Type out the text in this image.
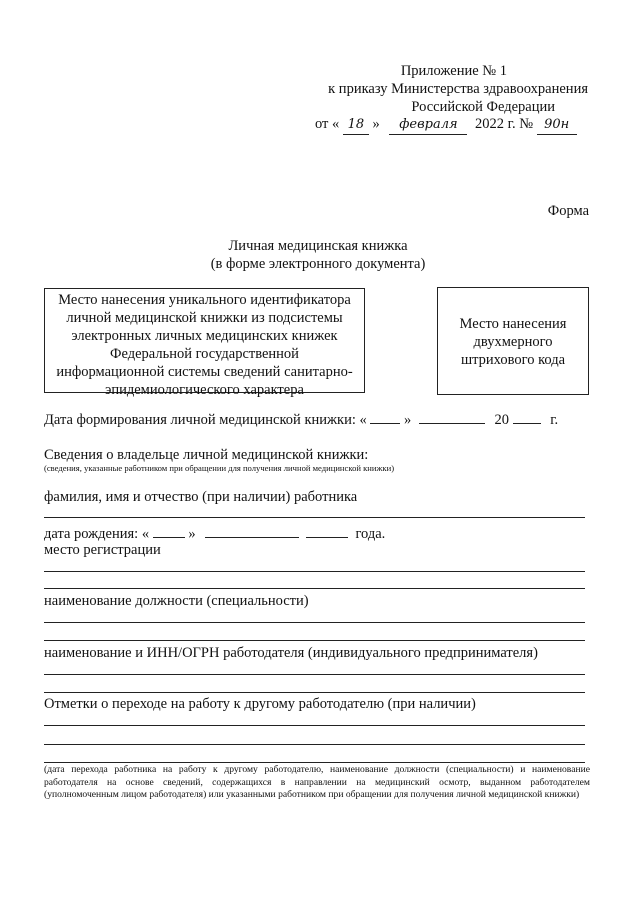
Приложение № 1
к приказу Министерства здравоохранения
Российской Федерации
от « 18 » февраля 2022 г. № 90н
Форма
Личная медицинская книжка
(в форме электронного документа)
Место нанесения уникального идентификатора
личной медицинской книжки из подсистемы
электронных личных медицинских книжек
Федеральной государственной
информационной системы сведений санитарно-
эпидемиологического характера
Место нанесения
двухмерного
штрихового кода
Дата формирования личной медицинской книжки: «	»	20	г.
Сведения о владельце личной медицинской книжки:
(сведения, указанные работником при обращении для получения личной медицинской книжки)
фамилия, имя и отчество (при наличии) работника
дата рождения: «	»	года.
место регистрации
наименование должности (специальности)
наименование и ИНН/ОГРН работодателя (индивидуального предпринимателя)
Отметки о переходе на работу к другому работодателю (при наличии)
(дата перехода работника на работу к другому работодателю, наименование должности (специальности) и наименование работодателя на основе сведений, содержащихся в направлении на медицинский осмотр, выданном работодателем (уполномоченным лицом работодателя) или указанными работником при обращении для получения личной медицинской книжки)
